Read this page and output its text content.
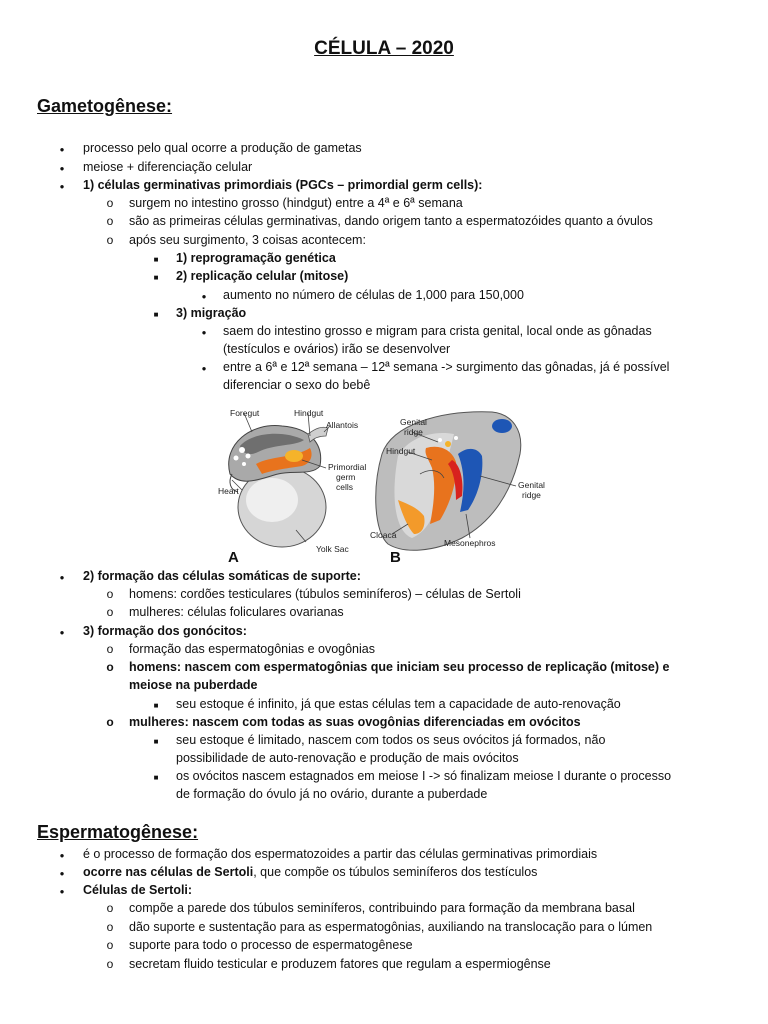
CÉLULA – 2020
Gametogênese:
●
processo pelo qual ocorre a produção de gametas
●
meiose + diferenciação celular
●
1) células germinativas primordiais (PGCs – primordial germ cells):
o
surgem no intestino grosso (hindgut) entre a 4ª e 6ª semana
o
são as primeiras células germinativas, dando origem tanto a espermatozóides quanto a óvulos
o
após seu surgimento, 3 coisas acontecem:
■
1) reprogramação genética
■
2) replicação celular (mitose)
●
aumento no número de células de 1,000 para 150,000
■
3) migração
●
saem do intestino grosso e migram para crista genital, local onde as gônadas
(testículos e ovários) irão se desenvolver
●
entre a 6ª e 12ª semana – 12ª semana -> surgimento das gônadas, já é possível
diferenciar o sexo do bebê
Foregut	Hindgut
Allantois
Primordial
germ
cells
Heart
Yolk Sac
A
Genital
ridge
Hindgut
Genital
ridge
Cloaca
Mesonephros
B
●
2) formação das células somáticas de suporte:
o
homens: cordões testiculares (túbulos seminíferos) – células de Sertoli
o
mulheres: células foliculares ovarianas
●
3) formação dos gonócitos:
o
formação das espermatogônias e ovogônias
o
homens: nascem com espermatogônias que iniciam seu processo de replicação (mitose) e
meiose na puberdade
■
seu estoque é infinito, já que estas células tem a capacidade de auto-renovação
o
mulheres: nascem com todas as suas ovogônias diferenciadas em ovócitos
■
seu estoque é limitado, nascem com todos os seus ovócitos já formados, não
possibilidade de auto-renovação e produção de mais ovócitos
■
os ovócitos nascem estagnados em meiose I -> só finalizam meiose I durante o processo
de formação do óvulo já no ovário, durante a puberdade
Espermatogênese:
●
é o processo de formação dos espermatozoides a partir das células germinativas primordiais
●
ocorre nas células de Sertoli, que compõe os túbulos seminíferos dos testículos
●
Células de Sertoli:
o
compõe a parede dos túbulos seminíferos, contribuindo para formação da membrana basal
o
dão suporte e sustentação para as espermatogônias, auxiliando na translocação para o lúmen
o
suporte para todo o processo de espermatogênese
o
secretam fluido testicular e produzem fatores que regulam a espermiogênse
